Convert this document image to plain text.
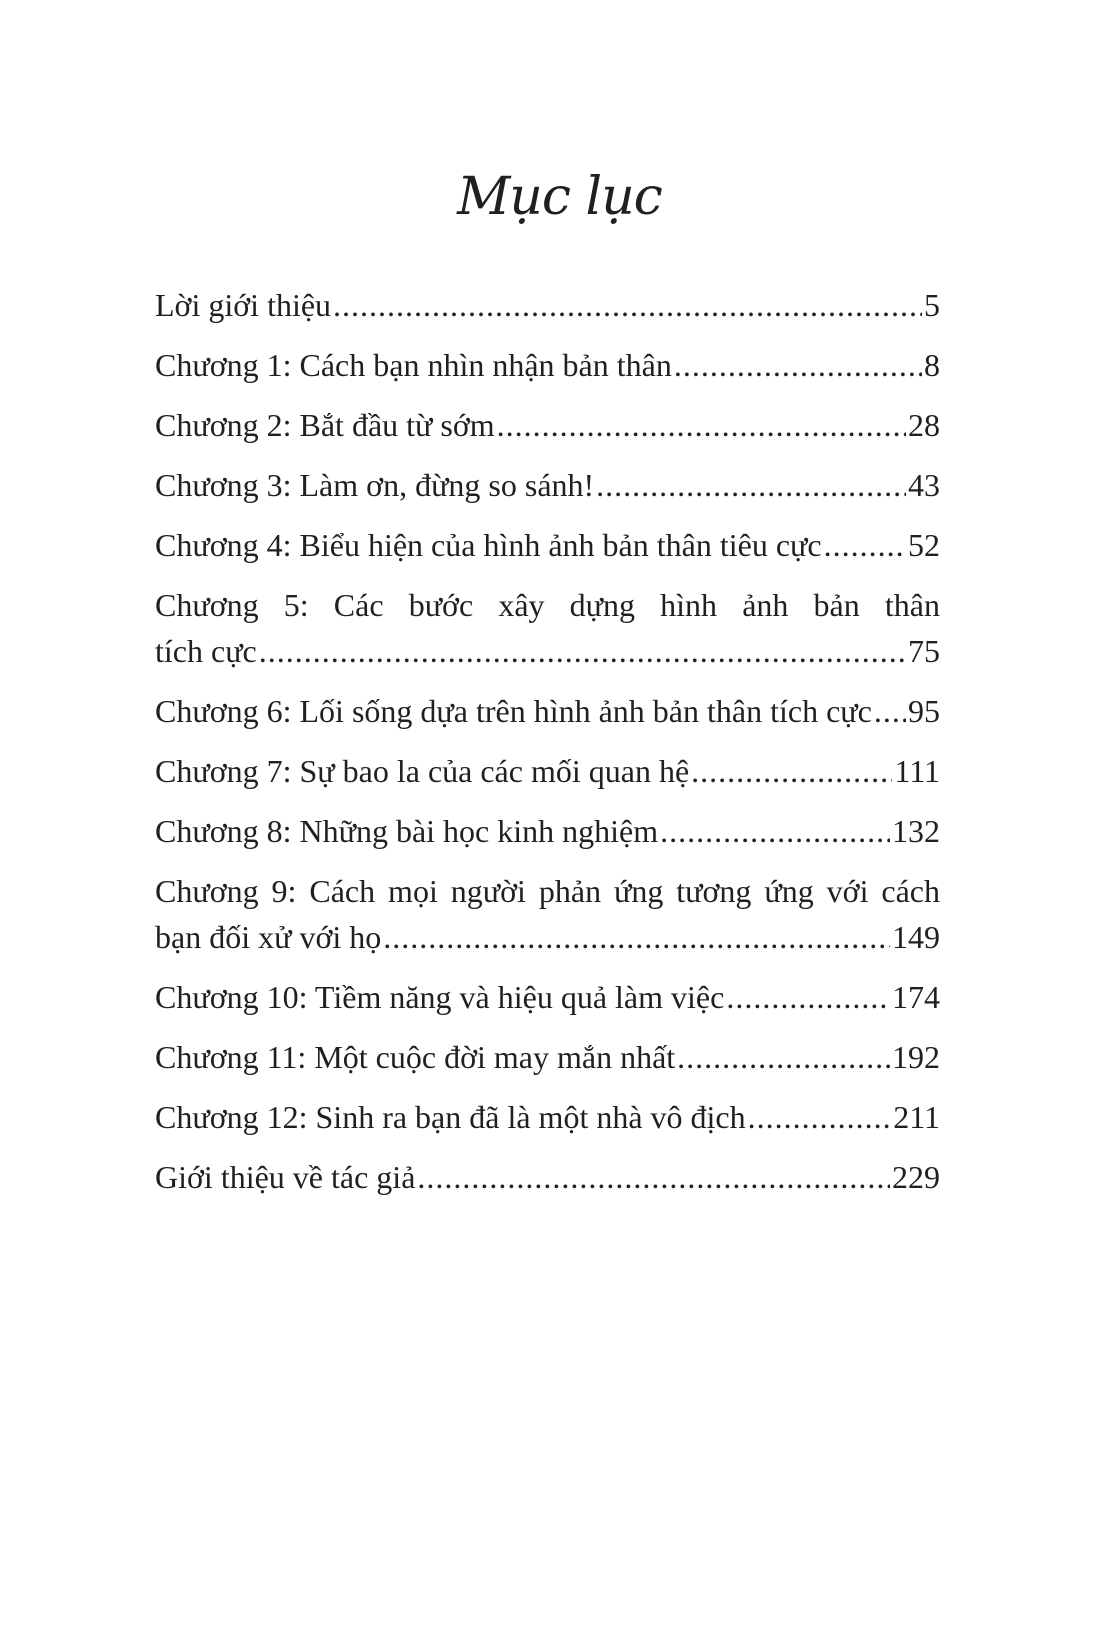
Mục lục
Lời giới thiệu .....	5
Chương 1: Cách bạn nhìn nhận bản thân .....	8
Chương 2: Bắt đầu từ sớm .....	28
Chương 3: Làm ơn, đừng so sánh! .....	43
Chương 4: Biểu hiện của hình ảnh bản thân tiêu cực .....	52
Chương 5: Các bước xây dựng hình ảnh bản thân
tích cực .....	75
Chương 6: Lối sống dựa trên hình ảnh bản thân tích cực ..... 95
Chương 7: Sự bao la của các mối quan hệ .....	111
Chương 8: Những bài học kinh nghiệm .....	132
Chương 9: Cách mọi người phản ứng tương ứng với cách
bạn đối xử với họ .....	149
Chương 10: Tiềm năng và hiệu quả làm việc .....	174
Chương 11: Một cuộc đời may mắn nhất .....	192
Chương 12: Sinh ra bạn đã là một nhà vô địch .....	211
Giới thiệu về tác giả .....	229
